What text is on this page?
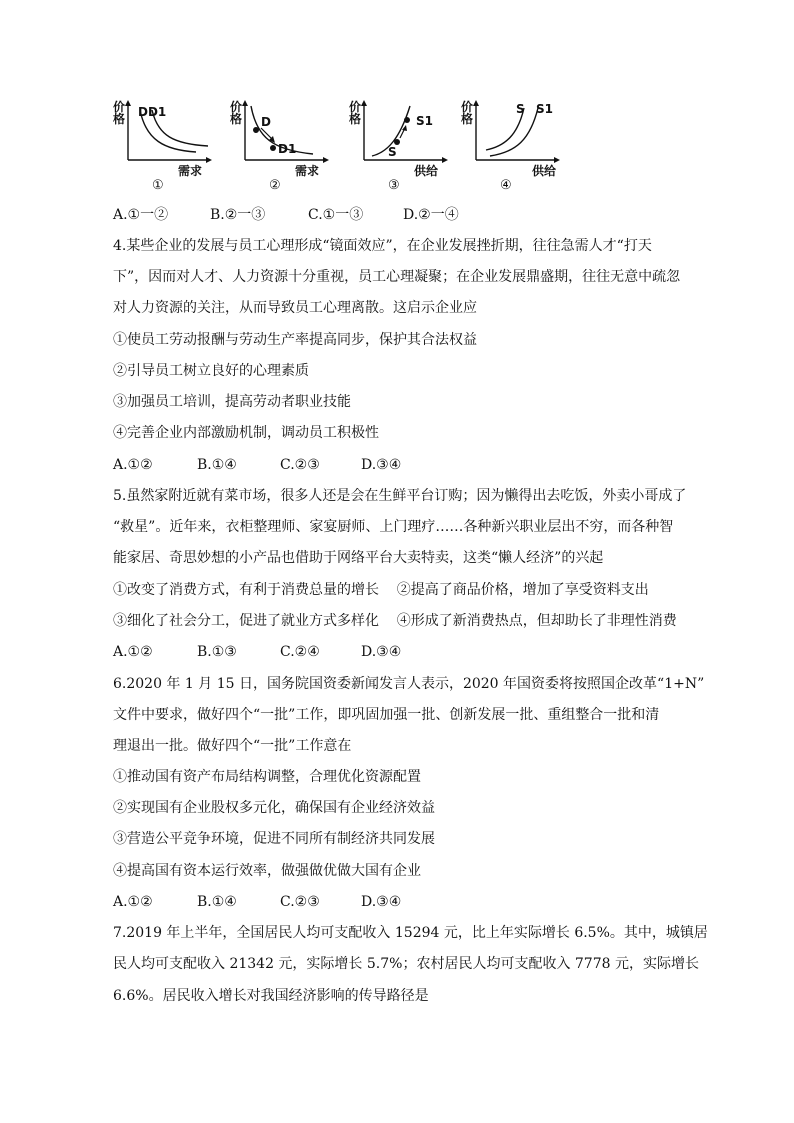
价
格 DD1
需求
①
价
格 D
D1
需求
②
价
格	S1
S
供给
③
价
格
S S1
供给
④
A.①一②	B.②一③	C.①一③	D.②一④
4.某些企业的发展与员工心理形成“镜面效应”，在企业发展挫折期，往往急需人才“打天
下”，因而对人才、人力资源十分重视，员工心理凝聚；在企业发展鼎盛期，往往无意中疏忽
对人力资源的关注，从而导致员工心理离散。这启示企业应
①使员工劳动报酬与劳动生产率提高同步，保护其合法权益
②引导员工树立良好的心理素质
③加强员工培训，提高劳动者职业技能
④完善企业内部激励机制，调动员工积极性
A.①②	B.①④	C.②③	D.③④
5.虽然家附近就有菜市场，很多人还是会在生鲜平台订购；因为懒得出去吃饭，外卖小哥成了
“救星”。近年来，衣柜整理师、家宴厨师、上门理疗……各种新兴职业层出不穷，而各种智
能家居、奇思妙想的小产品也借助于网络平台大卖特卖，这类“懒人经济”的兴起
①改变了消费方式，有利于消费总量的增长    ②提高了商品价格，增加了享受资料支出
③细化了社会分工，促进了就业方式多样化    ④形成了新消费热点，但却助长了非理性消费
A.①②	B.①③	C.②④	D.③④
6.2020 年 1 月 15 日，国务院国资委新闻发言人表示，2020 年国资委将按照国企改革“1+N”
文件中要求，做好四个“一批”工作，即巩固加强一批、创新发展一批、重组整合一批和清
理退出一批。做好四个“一批”工作意在
①推动国有资产布局结构调整，合理优化资源配置
②实现国有企业股权多元化，确保国有企业经济效益
③营造公平竞争环境，促进不同所有制经济共同发展
④提高国有资本运行效率，做强做优做大国有企业
A.①②	B.①④	C.②③	D.③④
7.2019 年上半年，全国居民人均可支配收入 15294 元，比上年实际增长 6.5%。其中，城镇居
民人均可支配收入 21342 元，实际增长 5.7%；农村居民人均可支配收入 7778 元，实际增长
6.6%。居民收入增长对我国经济影响的传导路径是
